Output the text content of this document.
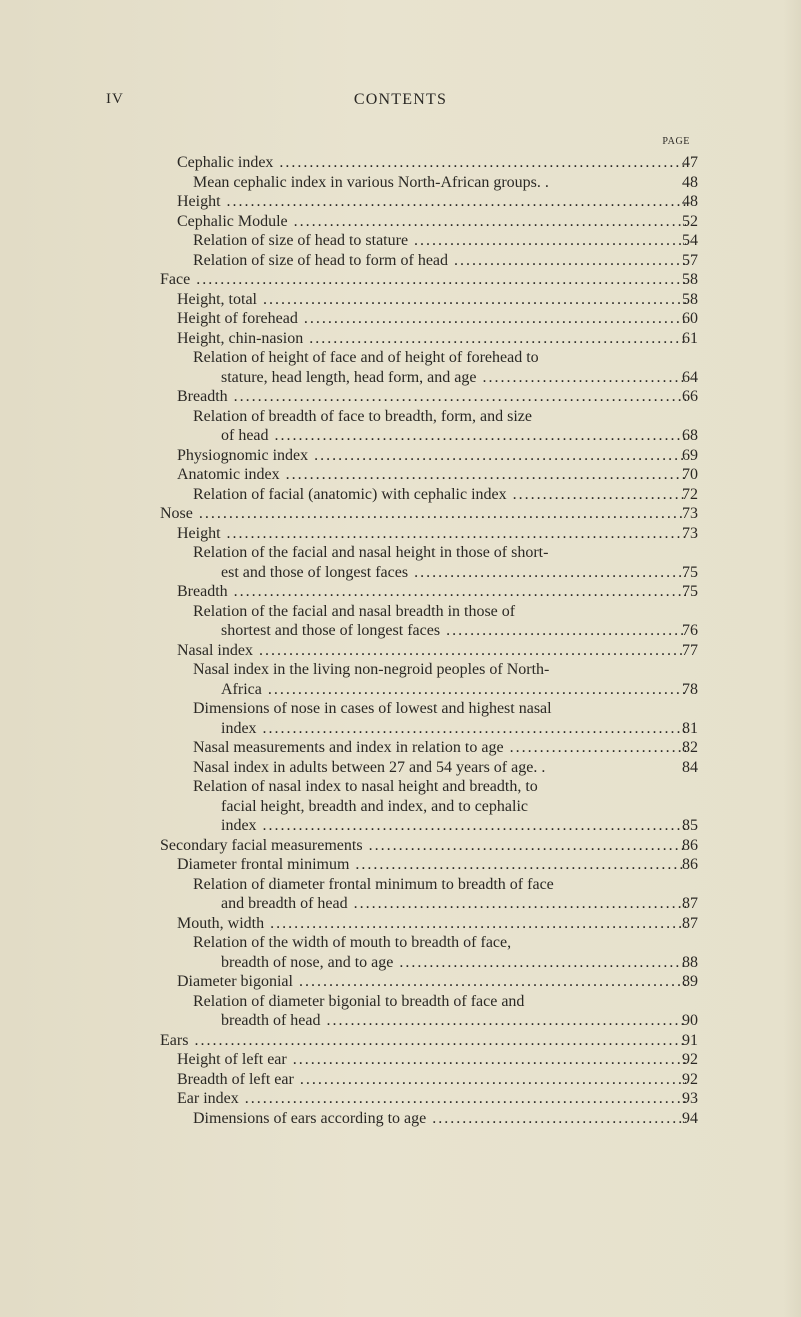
IV	CONTENTS

PAGE

Cephalic index . . .	47
Mean cephalic index in various North-African groups. .	48
Height . . .	48
Cephalic Module . . .	52
Relation of size of head to stature . . .	54
Relation of size of head to form of head . . .	57
Face . . .	58
Height, total . . .	58
Height of forehead . . .	60
Height, chin-nasion . . .	61
Relation of height of face and of height of forehead to
stature, head length, head form, and age . . .	64
Breadth . . .	66
Relation of breadth of face to breadth, form, and size
of head . . .	68
Physiognomic index . . .	69
Anatomic index . . .	70
Relation of facial (anatomic) with cephalic index . . .	72
Nose . . .	73
Height . . .	73
Relation of the facial and nasal height in those of short-
est and those of longest faces . . .	75
Breadth . . .	75
Relation of the facial and nasal breadth in those of
shortest and those of longest faces . . .	76
Nasal index . . .	77
Nasal index in the living non-negroid peoples of North-
Africa . . .	78
Dimensions of nose in cases of lowest and highest nasal
index . . .	81
Nasal measurements and index in relation to age . . .	82
Nasal index in adults between 27 and 54 years of age. .	84
Relation of nasal index to nasal height and breadth, to
facial height, breadth and index, and to cephalic
index . . .	85
Secondary facial measurements . . .	86
Diameter frontal minimum . . .	86
Relation of diameter frontal minimum to breadth of face
and breadth of head . . .	87
Mouth, width . . .	87
Relation of the width of mouth to breadth of face,
breadth of nose, and to age . . .	88
Diameter bigonial . . .	89
Relation of diameter bigonial to breadth of face and
breadth of head . . .	90
Ears . . .	91
Height of left ear . . .	92
Breadth of left ear . . .	92
Ear index . . .	93
Dimensions of ears according to age . . .	94
